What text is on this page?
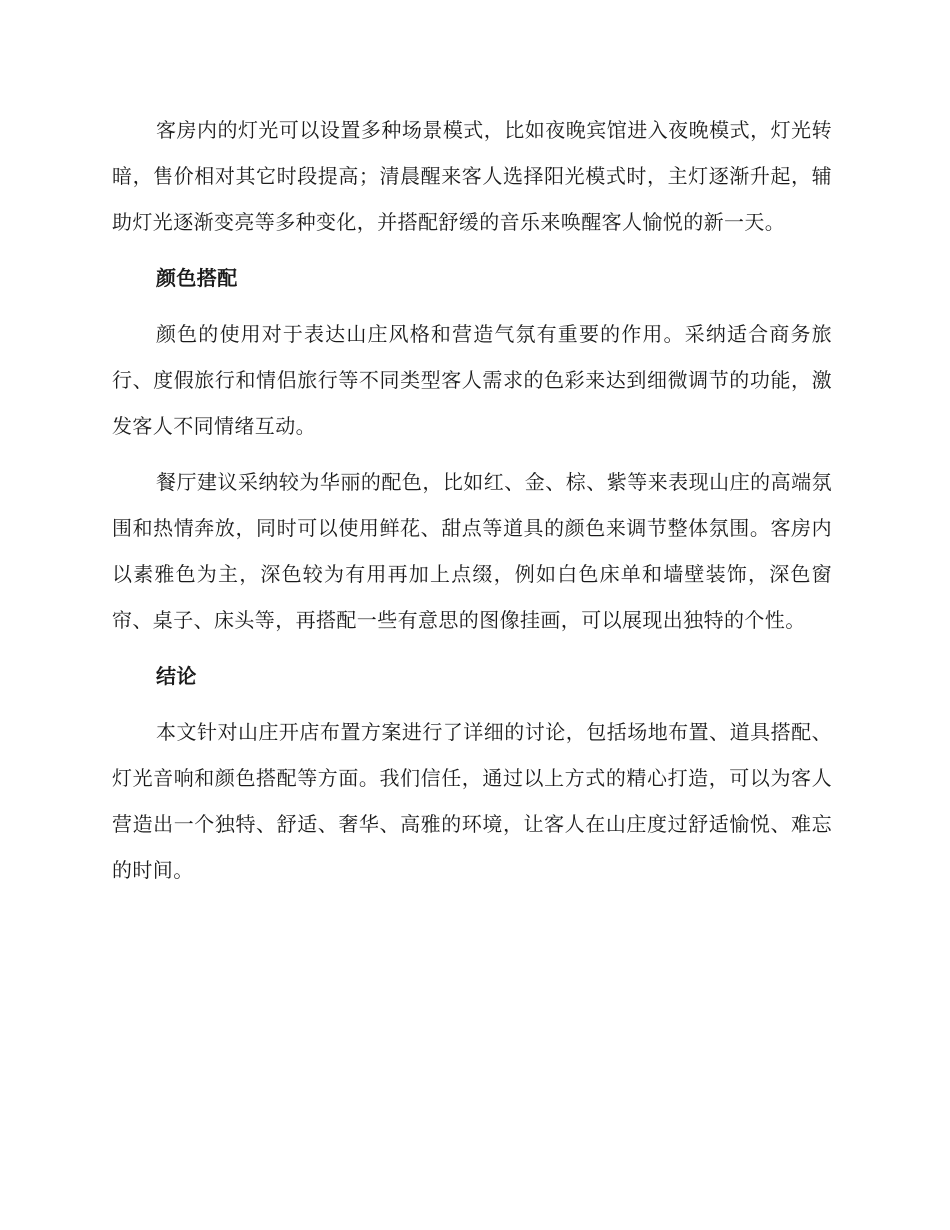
客房内的灯光可以设置多种场景模式，比如夜晚宾馆进入夜晚模式，灯光转暗，售价相对其它时段提高；清晨醒来客人选择阳光模式时，主灯逐渐升起，辅助灯光逐渐变亮等多种变化，并搭配舒缓的音乐来唤醒客人愉悦的新一天。

颜色搭配

颜色的使用对于表达山庄风格和营造气氛有重要的作用。采纳适合商务旅行、度假旅行和情侣旅行等不同类型客人需求的色彩来达到细微调节的功能，激发客人不同情绪互动。

餐厅建议采纳较为华丽的配色，比如红、金、棕、紫等来表现山庄的高端氛围和热情奔放，同时可以使用鲜花、甜点等道具的颜色来调节整体氛围。客房内以素雅色为主，深色较为有用再加上点缀，例如白色床单和墙壁装饰，深色窗帘、桌子、床头等，再搭配一些有意思的图像挂画，可以展现出独特的个性。

结论

本文针对山庄开店布置方案进行了详细的讨论，包括场地布置、道具搭配、灯光音响和颜色搭配等方面。我们信任，通过以上方式的精心打造，可以为客人营造出一个独特、舒适、奢华、高雅的环境，让客人在山庄度过舒适愉悦、难忘的时间。
